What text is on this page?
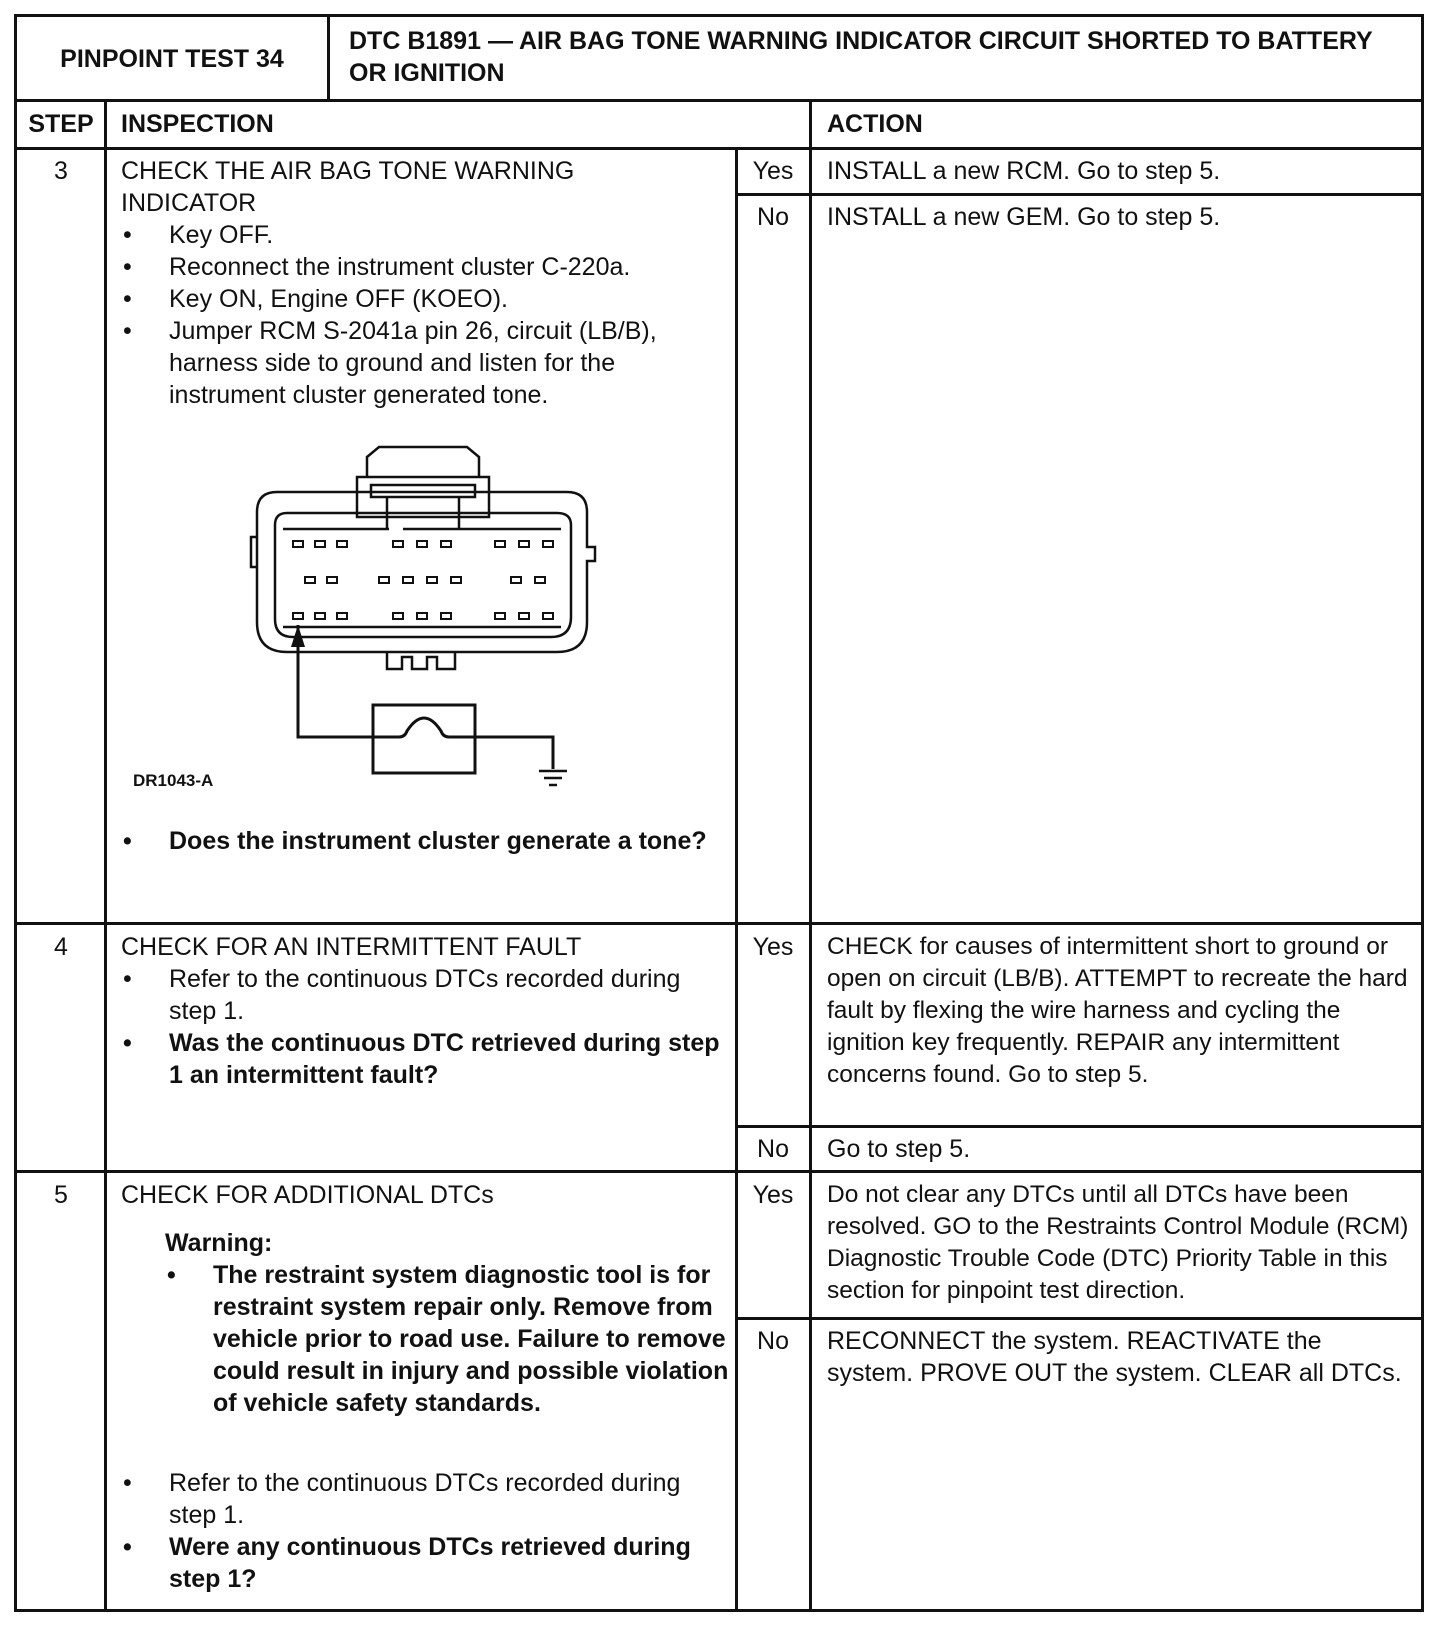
PINPOINT TEST 34
DTC B1891 — AIR BAG TONE WARNING INDICATOR CIRCUIT SHORTED TO BATTERY OR IGNITION
STEP	INSPECTION	ACTION
3	CHECK THE AIR BAG TONE WARNING INDICATOR
• Key OFF.
• Reconnect the instrument cluster C-220a.
• Key ON, Engine OFF (KOEO).
• Jumper RCM S-2041a pin 26, circuit (LB/B), harness side to ground and listen for the instrument cluster generated tone.
DR1043-A
• Does the instrument cluster generate a tone?
Yes	INSTALL a new RCM. Go to step 5.
No	INSTALL a new GEM. Go to step 5.
4	CHECK FOR AN INTERMITTENT FAULT
• Refer to the continuous DTCs recorded during step 1.
• Was the continuous DTC retrieved during step 1 an intermittent fault?
Yes	CHECK for causes of intermittent short to ground or open on circuit (LB/B). ATTEMPT to recreate the hard fault by flexing the wire harness and cycling the ignition key frequently. REPAIR any intermittent concerns found. Go to step 5.
No	Go to step 5.
5	CHECK FOR ADDITIONAL DTCs
Warning:
• The restraint system diagnostic tool is for restraint system repair only. Remove from vehicle prior to road use. Failure to remove could result in injury and possible violation of vehicle safety standards.
• Refer to the continuous DTCs recorded during step 1.
• Were any continuous DTCs retrieved during step 1?
Yes	Do not clear any DTCs until all DTCs have been resolved. GO to the Restraints Control Module (RCM) Diagnostic Trouble Code (DTC) Priority Table in this section for pinpoint test direction.
No	RECONNECT the system. REACTIVATE the system. PROVE OUT the system. CLEAR all DTCs.
